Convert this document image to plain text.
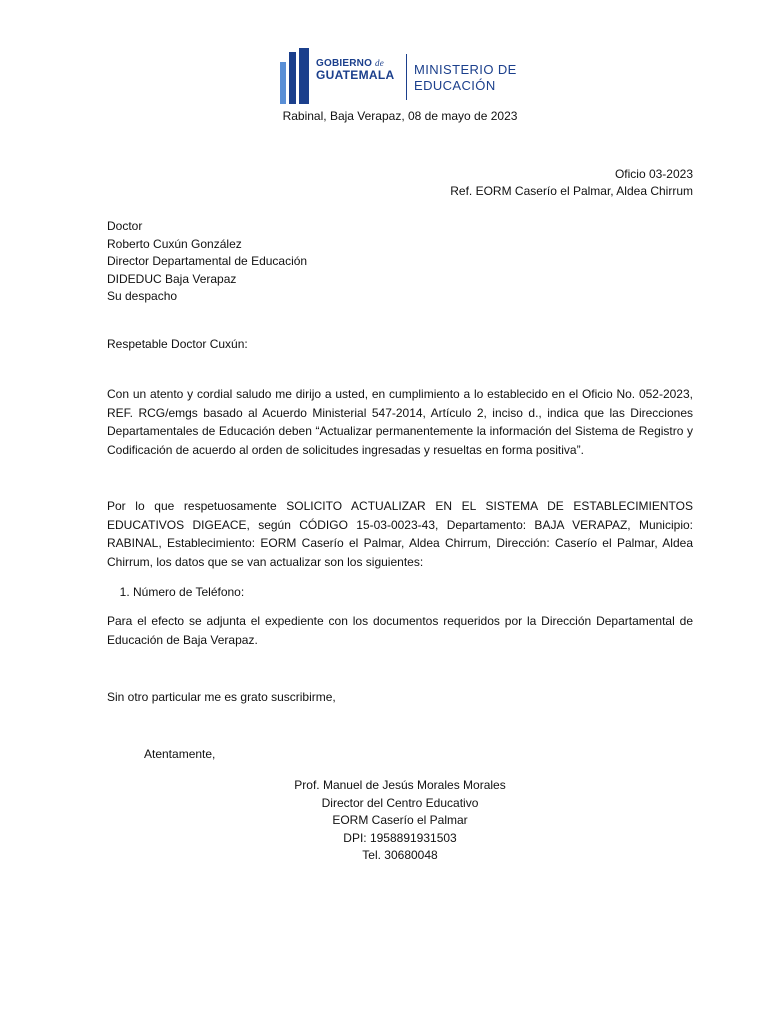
GOBIERNO de
GUATEMALA	MINISTERIO DE
EDUCACIÓN
Rabinal, Baja Verapaz, 08 de mayo de 2023
Oficio 03-2023
Ref. EORM Caserío el Palmar, Aldea Chirrum
Doctor
Roberto Cuxún González
Director Departamental de Educación
DIDEDUC Baja Verapaz
Su despacho
Respetable Doctor Cuxún:
Con un atento y cordial saludo me dirijo a usted, en cumplimiento a lo establecido en el Oficio No. 052-2023, REF. RCG/emgs basado al Acuerdo Ministerial 547-2014, Artículo 2, inciso d., indica que las Direcciones Departamentales de Educación deben “Actualizar permanentemente la información del Sistema de Registro y Codificación de acuerdo al orden de solicitudes ingresadas y resueltas en forma positiva”.
Por lo que respetuosamente SOLICITO ACTUALIZAR EN EL SISTEMA DE ESTABLECIMIENTOS EDUCATIVOS DIGEACE, según CÓDIGO 15-03-0023-43, Departamento: BAJA VERAPAZ, Municipio: RABINAL, Establecimiento: EORM Caserío el Palmar, Aldea Chirrum, Dirección: Caserío el Palmar, Aldea Chirrum, los datos que se van actualizar son los siguientes:
1. Número de Teléfono:
Para el efecto se adjunta el expediente con los documentos requeridos por la Dirección Departamental de Educación de Baja Verapaz.
Sin otro particular me es grato suscribirme,
Atentamente,
Prof. Manuel de Jesús Morales Morales
Director del Centro Educativo
EORM Caserío el Palmar
DPI: 1958891931503
Tel. 30680048
